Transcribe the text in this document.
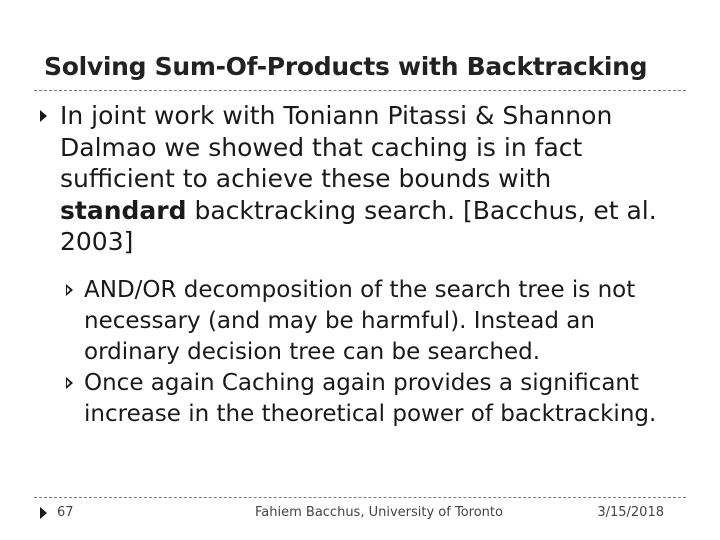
Solving Sum-Of-Products with Backtracking
In joint work with Toniann Pitassi & Shannon Dalmao we showed that caching is in fact sufficient to achieve these bounds with standard backtracking search. [Bacchus, et al. 2003]
AND/OR decomposition of the search tree is not necessary (and may be harmful). Instead an ordinary decision tree can be searched.
Once again Caching again provides a significant increase in the theoretical power of backtracking.
67	Fahiem Bacchus, University of Toronto	3/15/2018
